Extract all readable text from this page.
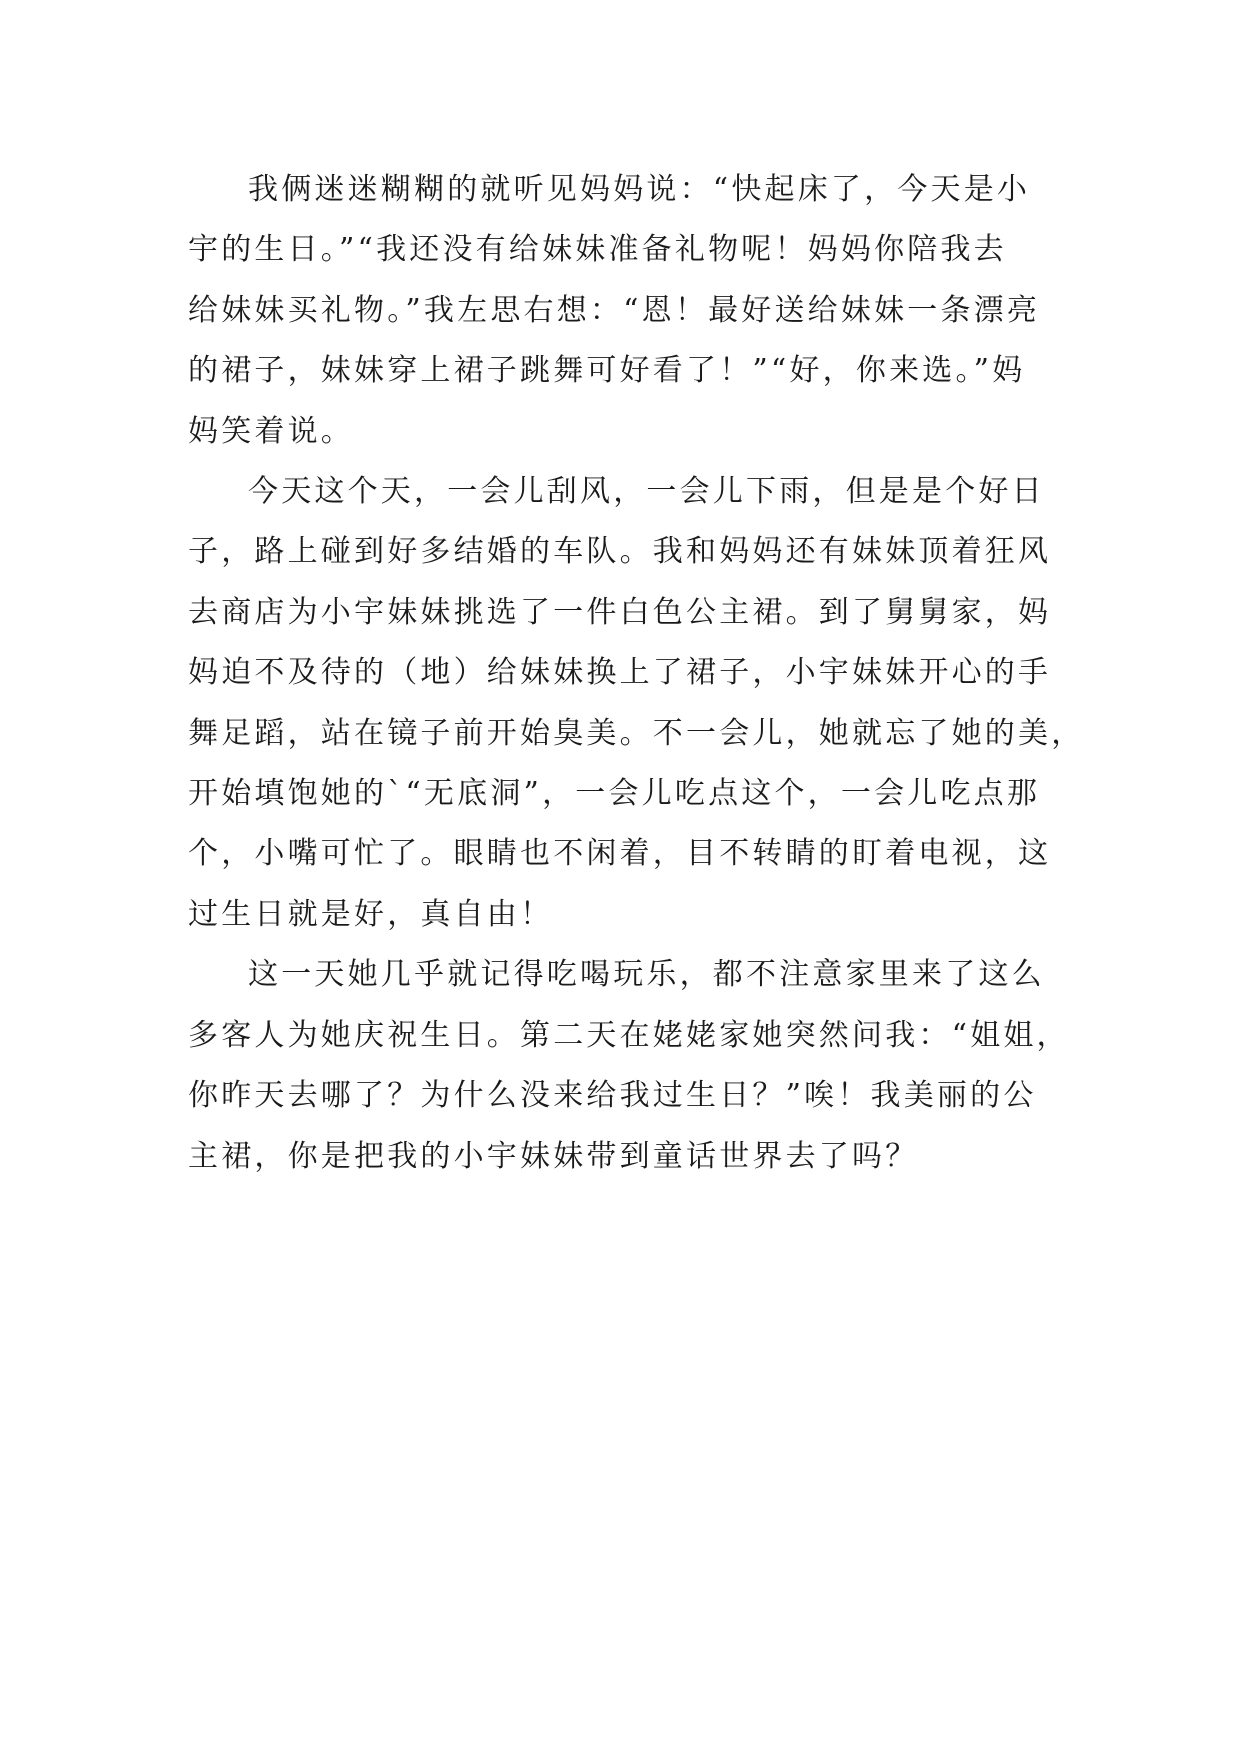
我俩迷迷糊糊的就听见妈妈说：“快起床了，今天是小
宇的生日。”“我还没有给妹妹准备礼物呢！妈妈你陪我去
给妹妹买礼物。”我左思右想：“恩！最好送给妹妹一条漂亮
的裙子，妹妹穿上裙子跳舞可好看了！”“好，你来选。”妈
妈笑着说。

今天这个天，一会儿刮风，一会儿下雨，但是是个好日
子，路上碰到好多结婚的车队。我和妈妈还有妹妹顶着狂风
去商店为小宇妹妹挑选了一件白色公主裙。到了舅舅家，妈
妈迫不及待的（地）给妹妹换上了裙子，小宇妹妹开心的手
舞足蹈，站在镜子前开始臭美。不一会儿，她就忘了她的美，
开始填饱她的`“无底洞”，一会儿吃点这个，一会儿吃点那
个，小嘴可忙了。眼睛也不闲着，目不转睛的盯着电视，这
过生日就是好，真自由！

这一天她几乎就记得吃喝玩乐，都不注意家里来了这么
多客人为她庆祝生日。第二天在姥姥家她突然问我：“姐姐，
你昨天去哪了？为什么没来给我过生日？”唉！我美丽的公
主裙，你是把我的小宇妹妹带到童话世界去了吗？
